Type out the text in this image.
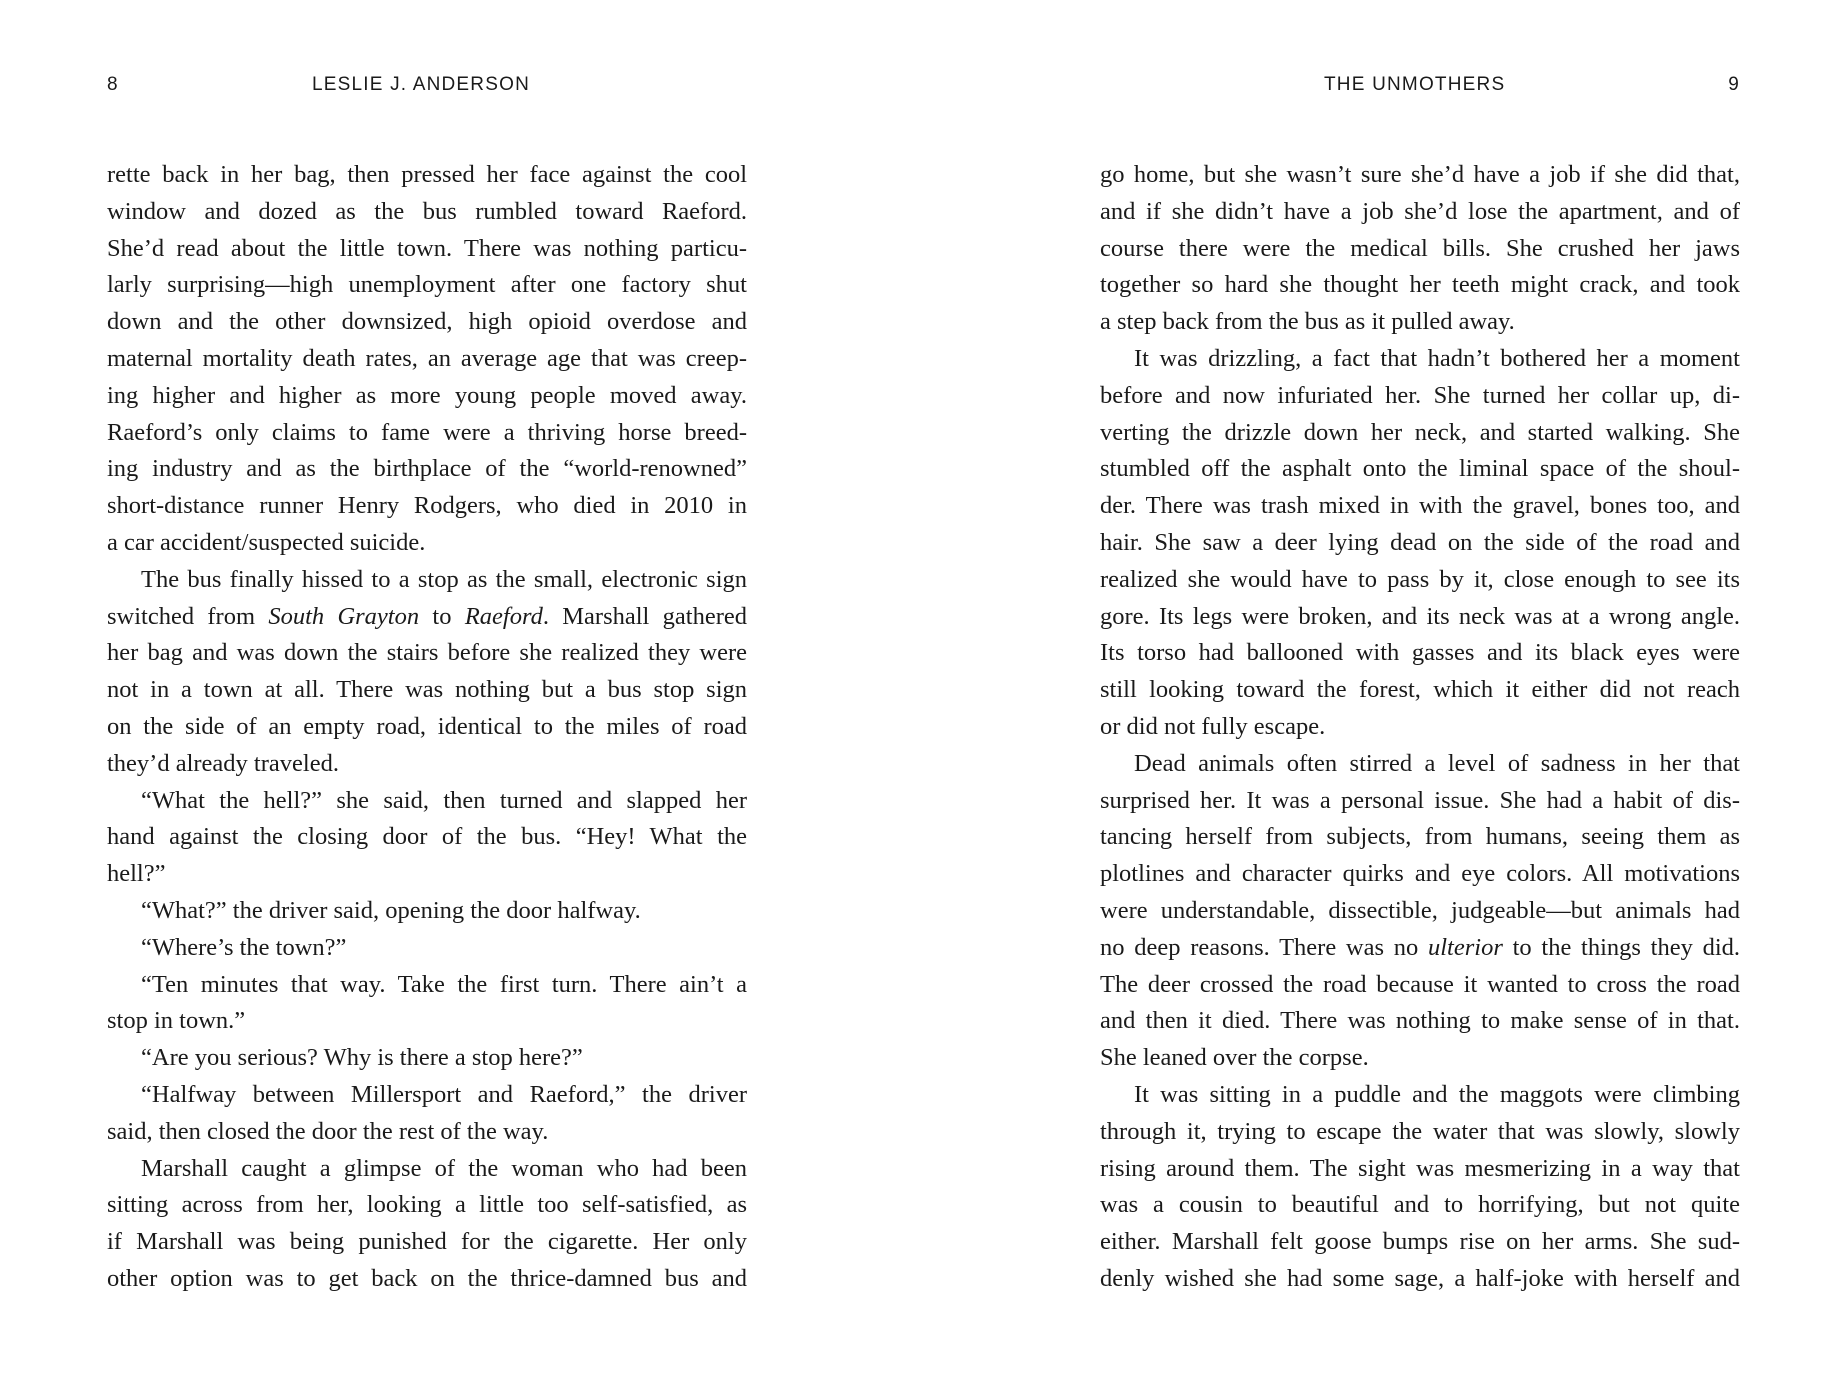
8	LESLIE J. ANDERSON
rette back in her bag, then pressed her face against the cool
window and dozed as the bus rumbled toward Raeford.
She’d read about the little town. There was nothing particu-
larly surprising—high unemployment after one factory shut
down and the other downsized, high opioid overdose and
maternal mortality death rates, an average age that was creep-
ing higher and higher as more young people moved away.
Raeford’s only claims to fame were a thriving horse breed-
ing industry and as the birthplace of the “world-renowned”
short-distance runner Henry Rodgers, who died in 2010 in
a car accident/suspected suicide.
The bus finally hissed to a stop as the small, electronic sign
switched from South Grayton to Raeford. Marshall gathered
her bag and was down the stairs before she realized they were
not in a town at all. There was nothing but a bus stop sign
on the side of an empty road, identical to the miles of road
they’d already traveled.
“What the hell?” she said, then turned and slapped her
hand against the closing door of the bus. “Hey! What the
hell?”
“What?” the driver said, opening the door halfway.
“Where’s the town?”
“Ten minutes that way. Take the first turn. There ain’t a
stop in town.”
“Are you serious? Why is there a stop here?”
“Halfway between Millersport and Raeford,” the driver
said, then closed the door the rest of the way.
Marshall caught a glimpse of the woman who had been
sitting across from her, looking a little too self-satisfied, as
if Marshall was being punished for the cigarette. Her only
other option was to get back on the thrice-damned bus and
THE UNMOTHERS	9
go home, but she wasn’t sure she’d have a job if she did that,
and if she didn’t have a job she’d lose the apartment, and of
course there were the medical bills. She crushed her jaws
together so hard she thought her teeth might crack, and took
a step back from the bus as it pulled away.
It was drizzling, a fact that hadn’t bothered her a moment
before and now infuriated her. She turned her collar up, di-
verting the drizzle down her neck, and started walking. She
stumbled off the asphalt onto the liminal space of the shoul-
der. There was trash mixed in with the gravel, bones too, and
hair. She saw a deer lying dead on the side of the road and
realized she would have to pass by it, close enough to see its
gore. Its legs were broken, and its neck was at a wrong angle.
Its torso had ballooned with gasses and its black eyes were
still looking toward the forest, which it either did not reach
or did not fully escape.
Dead animals often stirred a level of sadness in her that
surprised her. It was a personal issue. She had a habit of dis-
tancing herself from subjects, from humans, seeing them as
plotlines and character quirks and eye colors. All motivations
were understandable, dissectible, judgeable—but animals had
no deep reasons. There was no ulterior to the things they did.
The deer crossed the road because it wanted to cross the road
and then it died. There was nothing to make sense of in that.
She leaned over the corpse.
It was sitting in a puddle and the maggots were climbing
through it, trying to escape the water that was slowly, slowly
rising around them. The sight was mesmerizing in a way that
was a cousin to beautiful and to horrifying, but not quite
either. Marshall felt goose bumps rise on her arms. She sud-
denly wished she had some sage, a half-joke with herself and
